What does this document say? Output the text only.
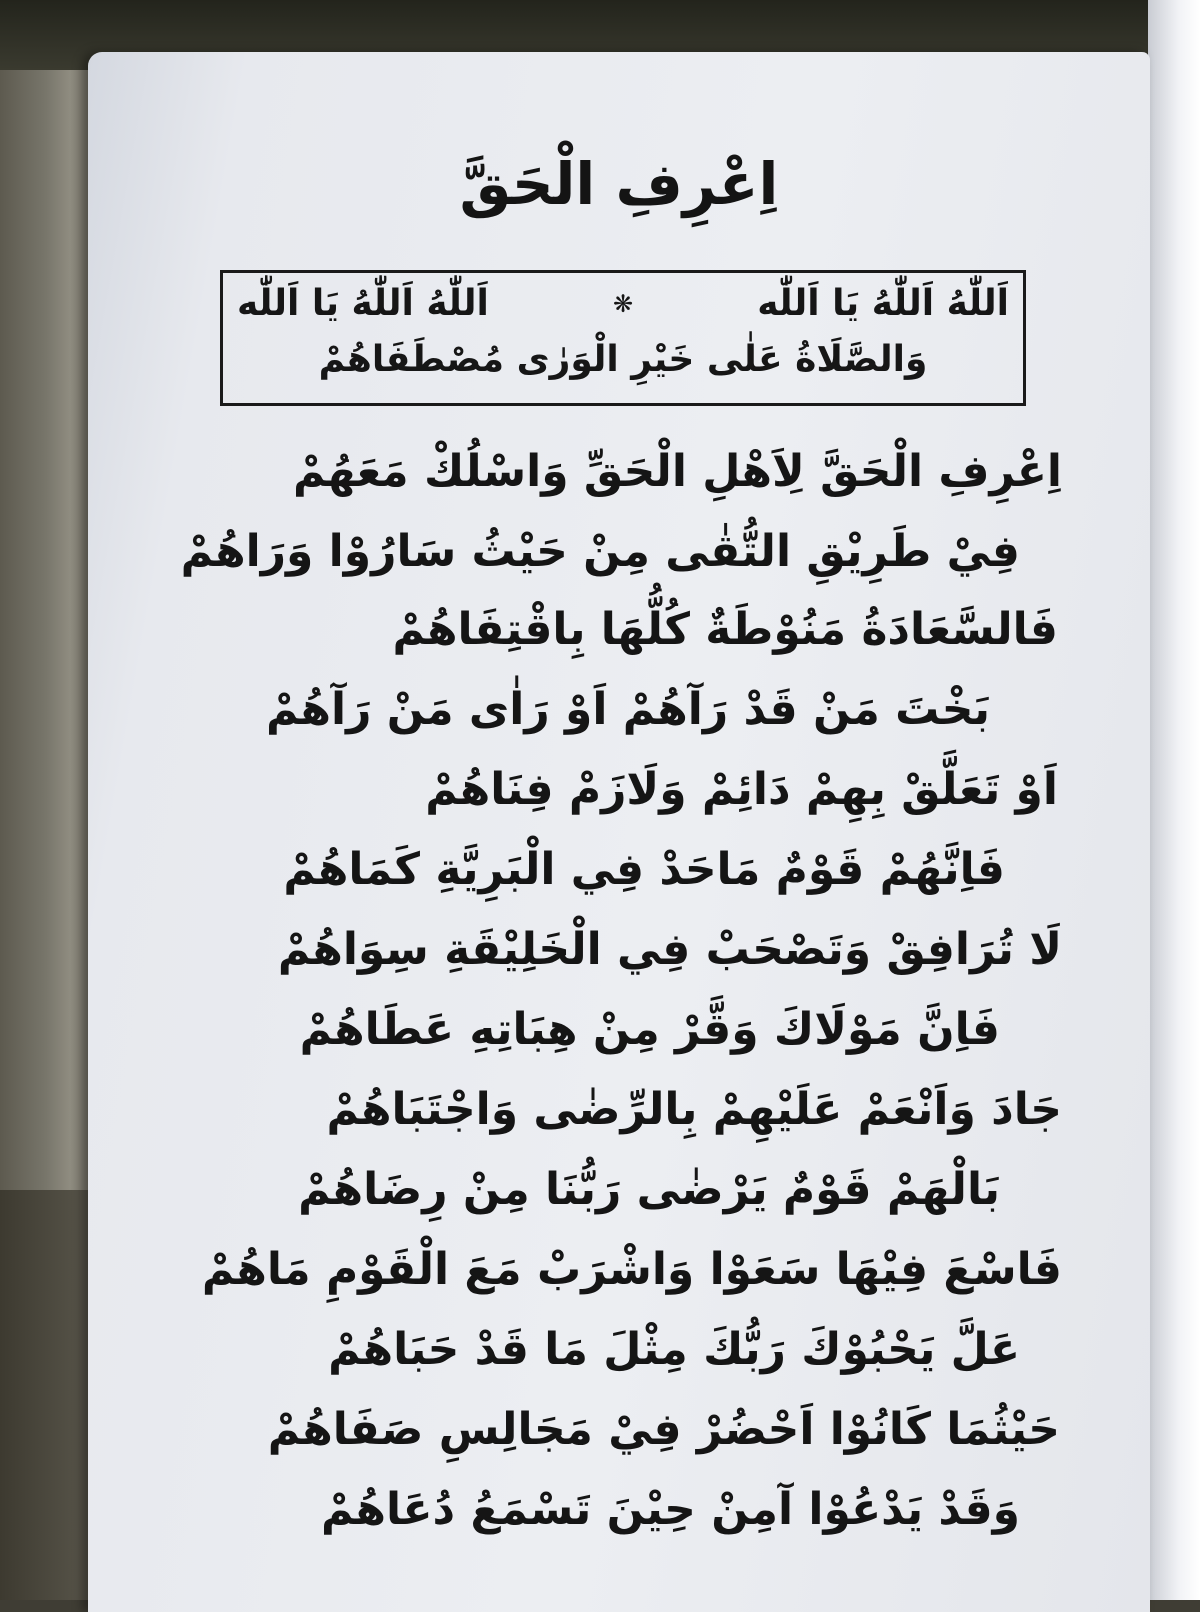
اِعْرِفِ الْحَقَّ
اَللّٰهُ اَللّٰهُ يَا اَللّٰه
❋
اَللّٰهُ اَللّٰهُ يَا اَللّٰه
وَالصَّلَاةُ عَلٰى خَيْرِ الْوَرٰى مُصْطَفَاهُمْ
اِعْرِفِ الْحَقَّ لِاَهْلِ الْحَقِّ وَاسْلُكْ مَعَهُمْ
فِيْ طَرِيْقِ التُّقٰى مِنْ حَيْثُ سَارُوْا وَرَاهُمْ
فَالسَّعَادَةُ مَنُوْطَةٌ كُلُّهَا بِاقْتِفَاهُمْ
بَخْتَ مَنْ قَدْ رَآهُمْ اَوْ رَاٰى مَنْ رَآهُمْ
اَوْ تَعَلَّقْ بِهِمْ دَائِمْ وَلَازَمْ فِنَاهُمْ
فَاِنَّهُمْ قَوْمٌ مَاحَدْ فِي الْبَرِيَّةِ كَمَاهُمْ
لَا تُرَافِقْ وَتَصْحَبْ فِي الْخَلِيْقَةِ سِوَاهُمْ
فَاِنَّ مَوْلَاكَ وَقَّرْ مِنْ هِبَاتِهِ عَطَاهُمْ
جَادَ وَاَنْعَمْ عَلَيْهِمْ بِالرِّضٰى وَاجْتَبَاهُمْ
بَالْهَمْ قَوْمٌ يَرْضٰى رَبُّنَا مِنْ رِضَاهُمْ
فَاسْعَ فِيْهَا سَعَوْا وَاشْرَبْ مَعَ الْقَوْمِ مَاهُمْ
عَلَّ يَحْبُوْكَ رَبُّكَ مِثْلَ مَا قَدْ حَبَاهُمْ
حَيْثُمَا كَانُوْا اَحْضُرْ فِيْ مَجَالِسِ صَفَاهُمْ
وَقَدْ يَدْعُوْا آمِنْ حِيْنَ تَسْمَعُ دُعَاهُمْ
